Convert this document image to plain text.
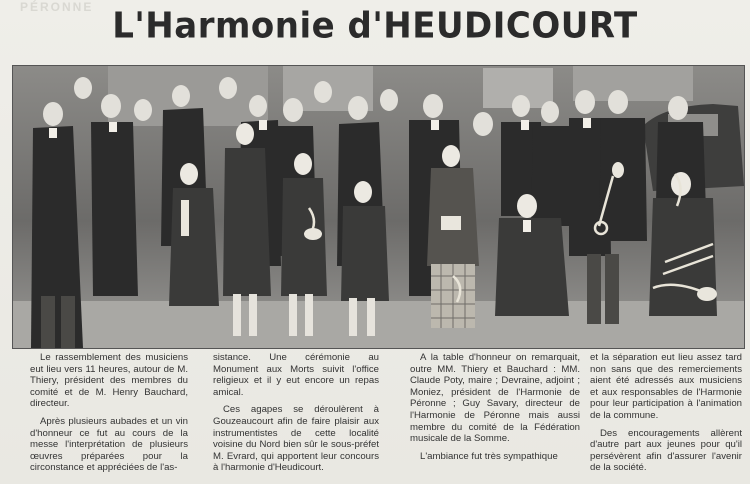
PÉRONNE L'Harmonie d'HEUDICOURT

Le rassemblement des musiciens eut lieu vers 11 heures, autour de M. Thiery, président des membres du comité et de M. Henry Bauchard, directeur.

Après plusieurs aubades et un vin d'honneur ce fut au cours de la messe l'interprétation de plusieurs œuvres préparées pour la circonstance et appréciées de l'as-

sistance. Une cérémonie au Monument aux Morts suivit l'office religieux et il y eut encore un repas amical.

Ces agapes se déroulèrent à Gouzeaucourt afin de faire plaisir aux instrumentistes de cette localité voisine du Nord bien sûr le sous-préfet M. Evrard, qui apportent leur concours à l'harmonie d'Heudicourt.

A la table d'honneur on remarquait, outre MM. Thiery et Bauchard : MM. Claude Poty, maire ; Devraine, adjoint ; Moniez, président de l'Harmonie de Péronne ; Guy Savary, directeur de l'Harmonie de Péronne mais aussi membre du comité de la Fédération musicale de la Somme.

L'ambiance fut très sympathique

et la séparation eut lieu assez tard non sans que des remerciements aient été adressés aux musiciens et aux responsables de l'Harmonie pour leur participation à l'animation de la commune.

Des encouragements allèrent d'autre part aux jeunes pour qu'il persévèrent afin d'assurer l'avenir de la société.
